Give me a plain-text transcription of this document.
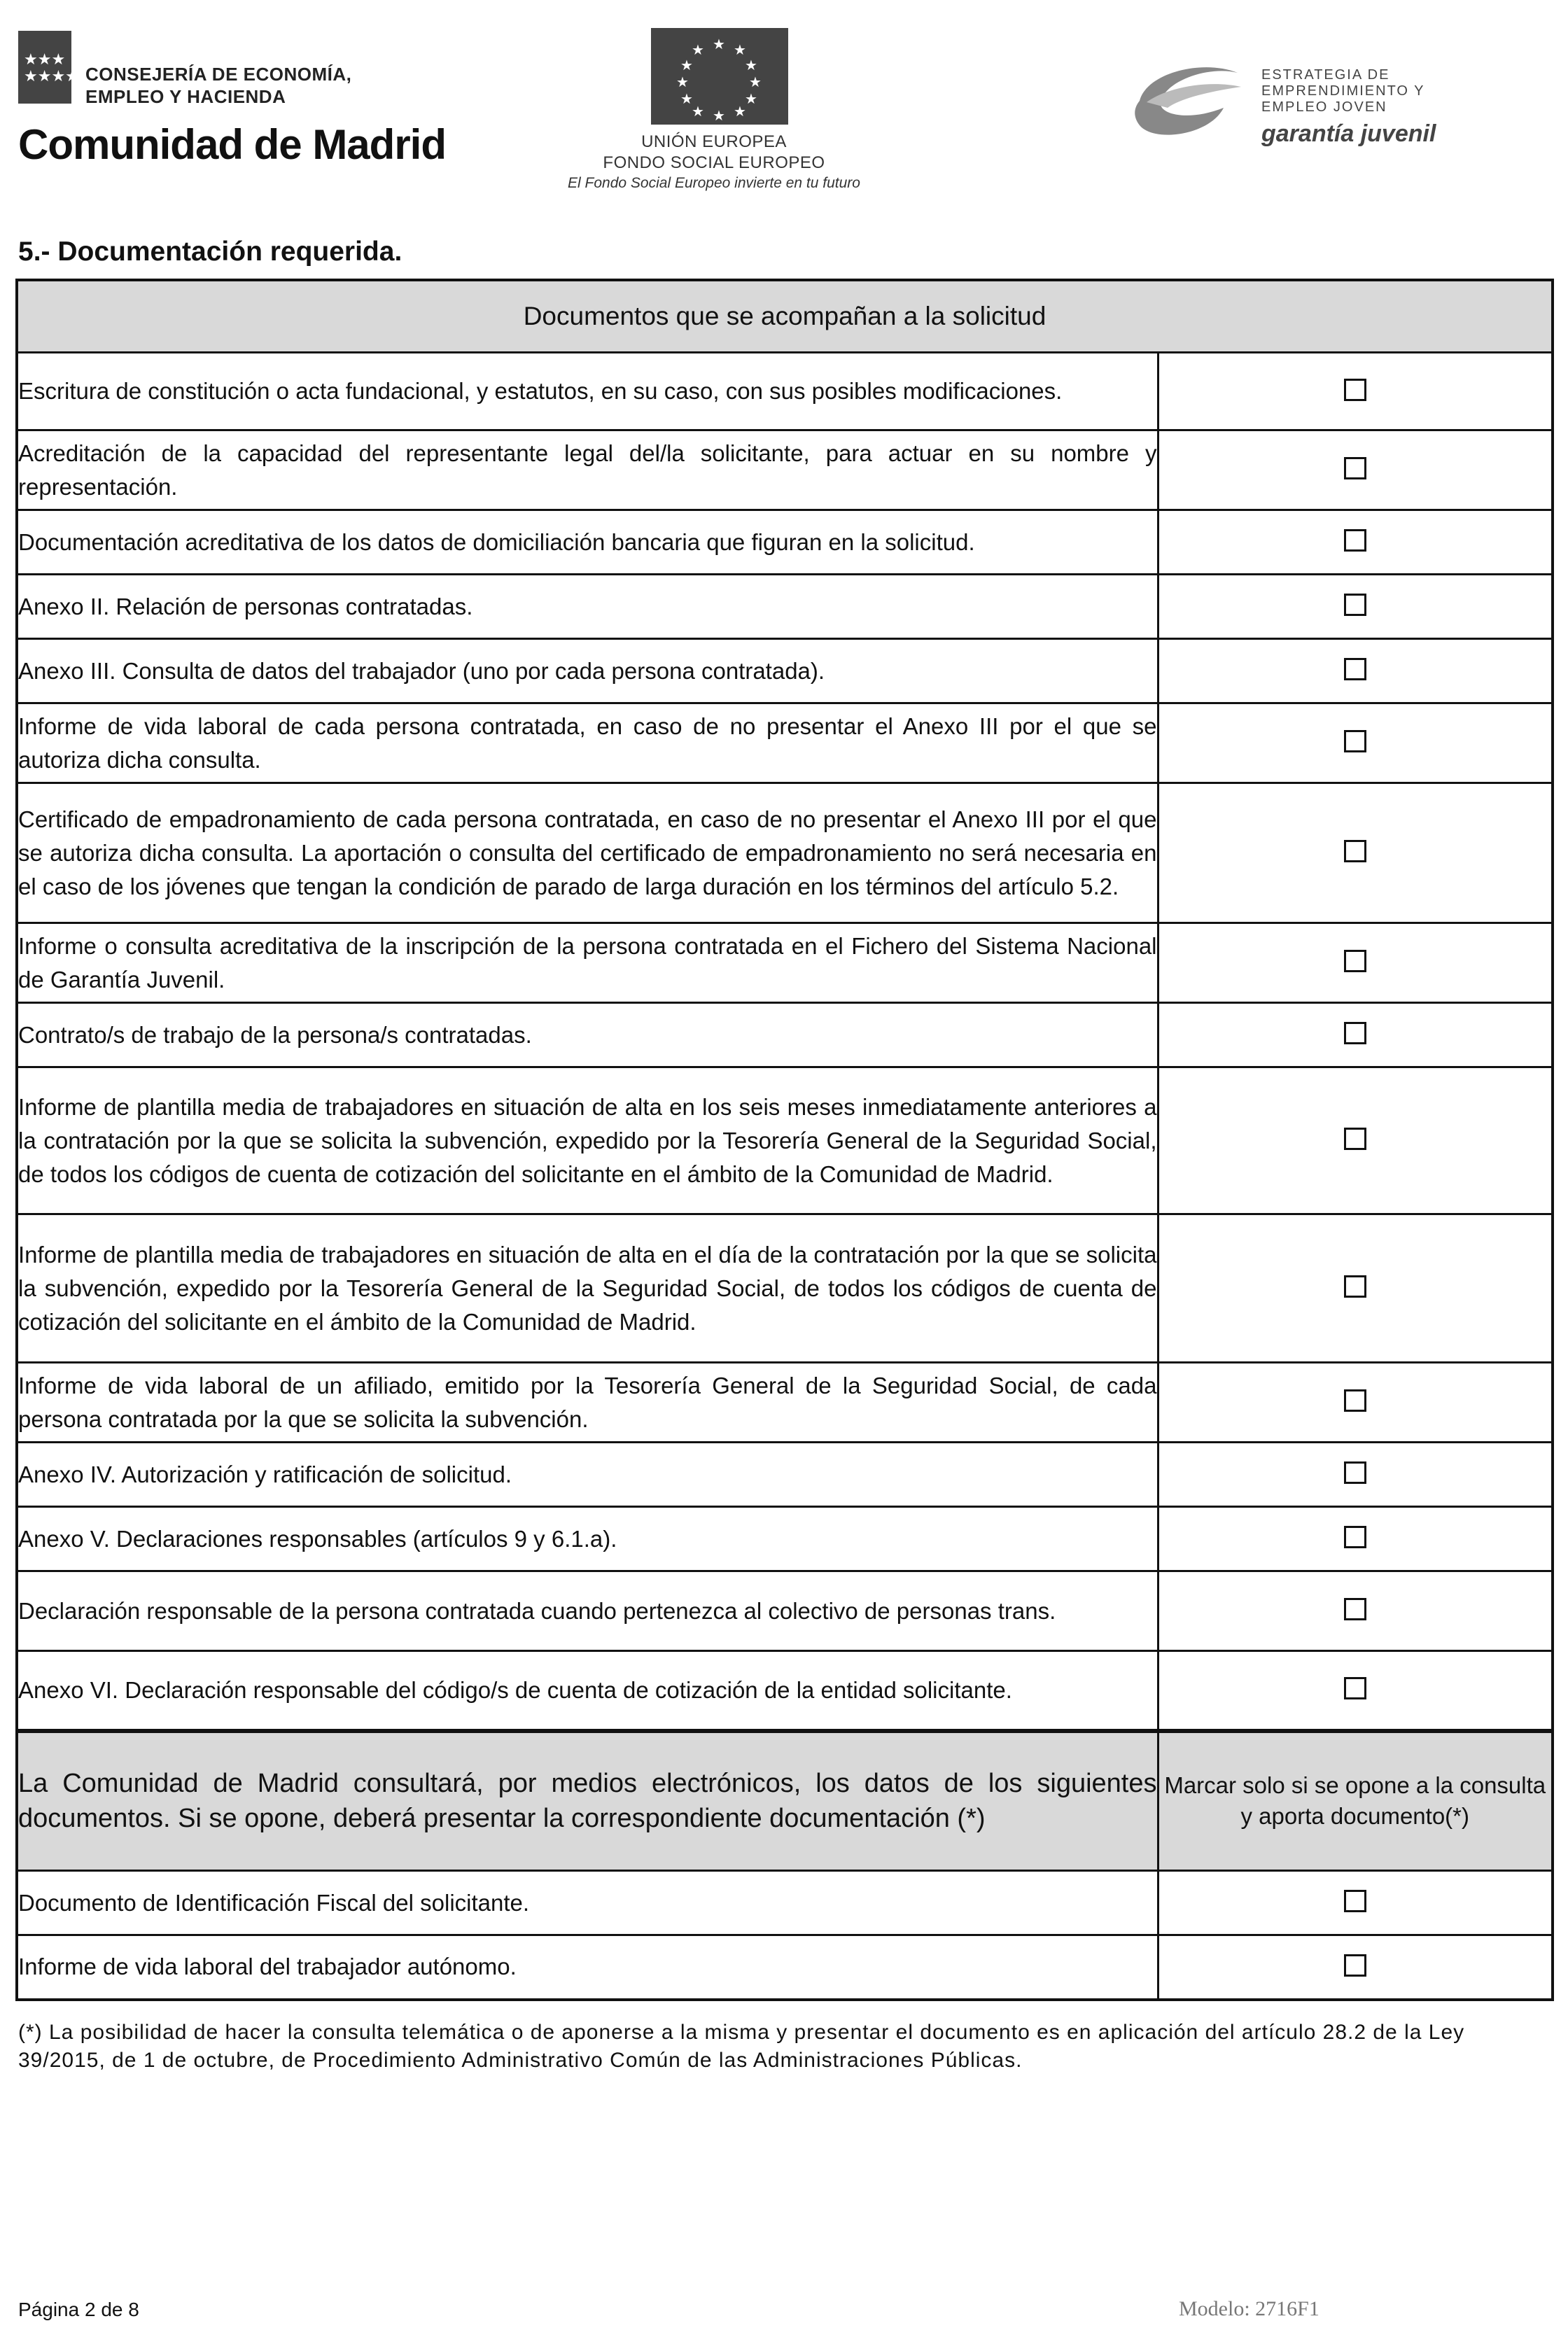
★★★
★★★★ CONSEJERÍA DE ECONOMÍA,
EMPLEO Y HACIENDA
Comunidad de Madrid
★
★ ★
★	★
★	★
★	★
★ ★
★
UNIÓN EUROPEA
FONDO SOCIAL EUROPEO
El Fondo Social Europeo invierte en tu futuro
ESTRATEGIA DE
EMPRENDIMIENTO Y
EMPLEO JOVEN
garantía juvenil
5.- Documentación requerida.
Documentos que se acompañan a la solicitud	
Escritura de constitución o acta fundacional, y estatutos, en su caso, con sus posibles modificaciones.	
Acreditación de la capacidad del representante legal del/la solicitante, para actuar en su nombre y representación.	
Documentación acreditativa de los datos de domiciliación bancaria que figuran en la solicitud.	
Anexo II. Relación de personas contratadas.	
Anexo III. Consulta de datos del trabajador (uno por cada persona contratada).	
Informe de vida laboral de cada persona contratada, en caso de no presentar el Anexo III por el que se autoriza dicha consulta.	
Certificado de empadronamiento de cada persona contratada, en caso de no presentar el Anexo III por el que se autoriza dicha consulta. La aportación o consulta del certificado de empadronamiento no será necesaria en el caso de los jóvenes que tengan la condición de parado de larga duración en los términos del artículo 5.2.	
Informe o consulta acreditativa de la inscripción de la persona contratada en el Fichero del Sistema Nacional de Garantía Juvenil.	
Contrato/s de trabajo de la persona/s contratadas.	
Informe de plantilla media de trabajadores en situación de alta en los seis meses inmediatamente anteriores a la contratación por la que se solicita la subvención, expedido por la Tesorería General de la Seguridad Social, de todos los códigos de cuenta de cotización del solicitante en el ámbito de la Comunidad de Madrid.	
Informe de plantilla media de trabajadores en situación de alta en el día de la contratación por la que se solicita la subvención, expedido por la Tesorería General de la Seguridad Social, de todos los códigos de cuenta de cotización del solicitante en el ámbito de la Comunidad de Madrid.	
Informe de vida laboral de un afiliado, emitido por la Tesorería General de la Seguridad Social, de cada persona contratada por la que se solicita la subvención.	
Anexo IV. Autorización y ratificación de solicitud.	
Anexo V. Declaraciones responsables (artículos 9 y 6.1.a).	
Declaración responsable de la persona contratada cuando pertenezca al colectivo de personas trans.	
Anexo VI. Declaración responsable del código/s de cuenta de cotización de la entidad solicitante.	
La Comunidad de Madrid consultará, por medios electrónicos, los datos de los siguientes documentos. Si se opone, deberá presentar la correspondiente documentación (*)	Marcar solo si se opone a la consulta y aporta documento(*)
Documento de Identificación Fiscal del solicitante.	
Informe de vida laboral del trabajador autónomo.	
(*) La posibilidad de hacer la consulta telemática o de aponerse a la misma y presentar el documento es en aplicación del artículo 28.2 de la Ley 39/2015, de 1 de octubre, de Procedimiento Administrativo Común de las Administraciones Públicas.
Página 2 de 8	Modelo: 2716F1
